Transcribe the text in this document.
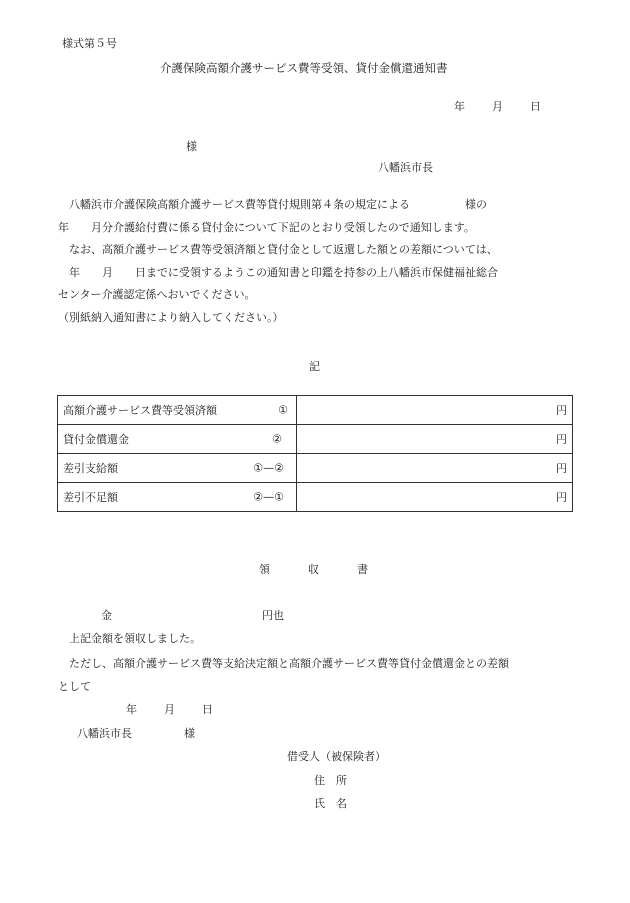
様式第５号
介護保険高額介護サービス費等受領、貸付金償還通知書
年 月 日
様
八幡浜市長

八幡浜市介護保険高額介護サービス費等貸付規則第４条の規定による　　　　　様の

年　　月分介護給付費に係る貸付金について下記のとおり受領したので通知します。

なお、高額介護サービス費等受領済額と貸付金として返還した額との差額については、

年　　月　　日までに受領するようこの通知書と印鑑を持参の上八幡浜市保健福祉総合

センター介護認定係へおいでください。

（別紙納入通知書により納入してください。）

記
高額介護サービス費等受領済額 ①	円
貸付金償還金 ②	円
差引支給額 ①—②	円
差引不足額 ②—①	円
領	収	書
金	円也
上記金額を領収しました。
ただし、高額介護サービス費等支給決定額と高額介護サービス費等貸付金償還金との差額
として
年 月 日
八幡浜市長	様
借受人（被保険者）
住　所
氏　名
